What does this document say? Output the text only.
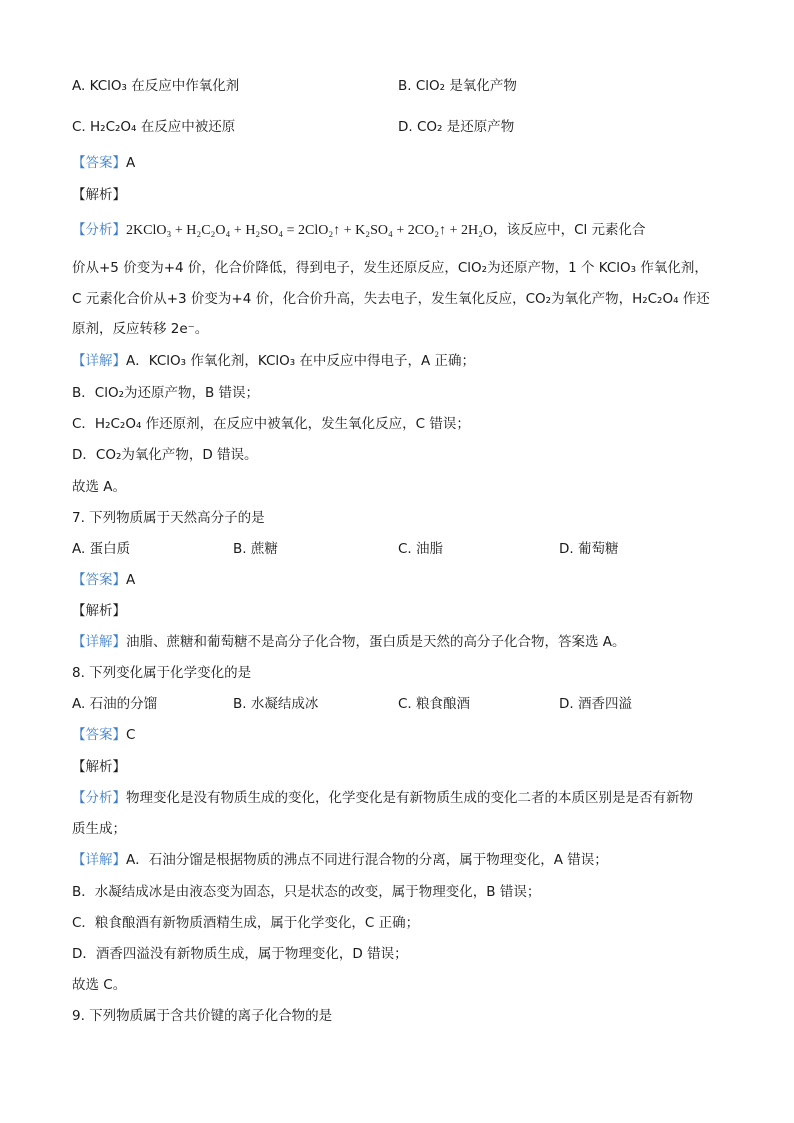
A. KClO₃ 在反应中作氧化剂	B. ClO₂ 是氧化产物
C. H₂C₂O₄ 在反应中被还原	D. CO₂ 是还原产物
【答案】A
【解析】
【分析】2KClO₃ + H₂C₂O₄ + H₂SO₄ = 2ClO₂↑ + K₂SO₄ + 2CO₂↑ + 2H₂O，该反应中，Cl 元素化合
价从+5 价变为+4 价，化合价降低，得到电子，发生还原反应，ClO₂为还原产物，1 个 KClO₃ 作氧化剂，
C 元素化合价从+3 价变为+4 价，化合价升高，失去电子，发生氧化反应，CO₂为氧化产物，H₂C₂O₄ 作还
原剂，反应转移 2e⁻。
【详解】A．KClO₃ 作氧化剂，KClO₃ 在中反应中得电子，A 正确；
B．ClO₂为还原产物，B 错误；
C．H₂C₂O₄ 作还原剂，在反应中被氧化，发生氧化反应，C 错误；
D．CO₂为氧化产物，D 错误。
故选 A。
7. 下列物质属于天然高分子的是
A. 蛋白质	B. 蔗糖	C. 油脂	D. 葡萄糖
【答案】A
【解析】
【详解】油脂、蔗糖和葡萄糖不是高分子化合物，蛋白质是天然的高分子化合物，答案选 A。
8. 下列变化属于化学变化的是
A. 石油的分馏	B. 水凝结成冰	C. 粮食酿酒	D. 酒香四溢
【答案】C
【解析】
【分析】物理变化是没有物质生成的变化，化学变化是有新物质生成的变化二者的本质区别是是否有新物
质生成；
【详解】A．石油分馏是根据物质的沸点不同进行混合物的分离，属于物理变化，A 错误；
B．水凝结成冰是由液态变为固态，只是状态的改变，属于物理变化，B 错误；
C．粮食酿酒有新物质酒精生成，属于化学变化，C 正确；
D．酒香四溢没有新物质生成，属于物理变化，D 错误；
故选 C。
9. 下列物质属于含共价键的离子化合物的是
